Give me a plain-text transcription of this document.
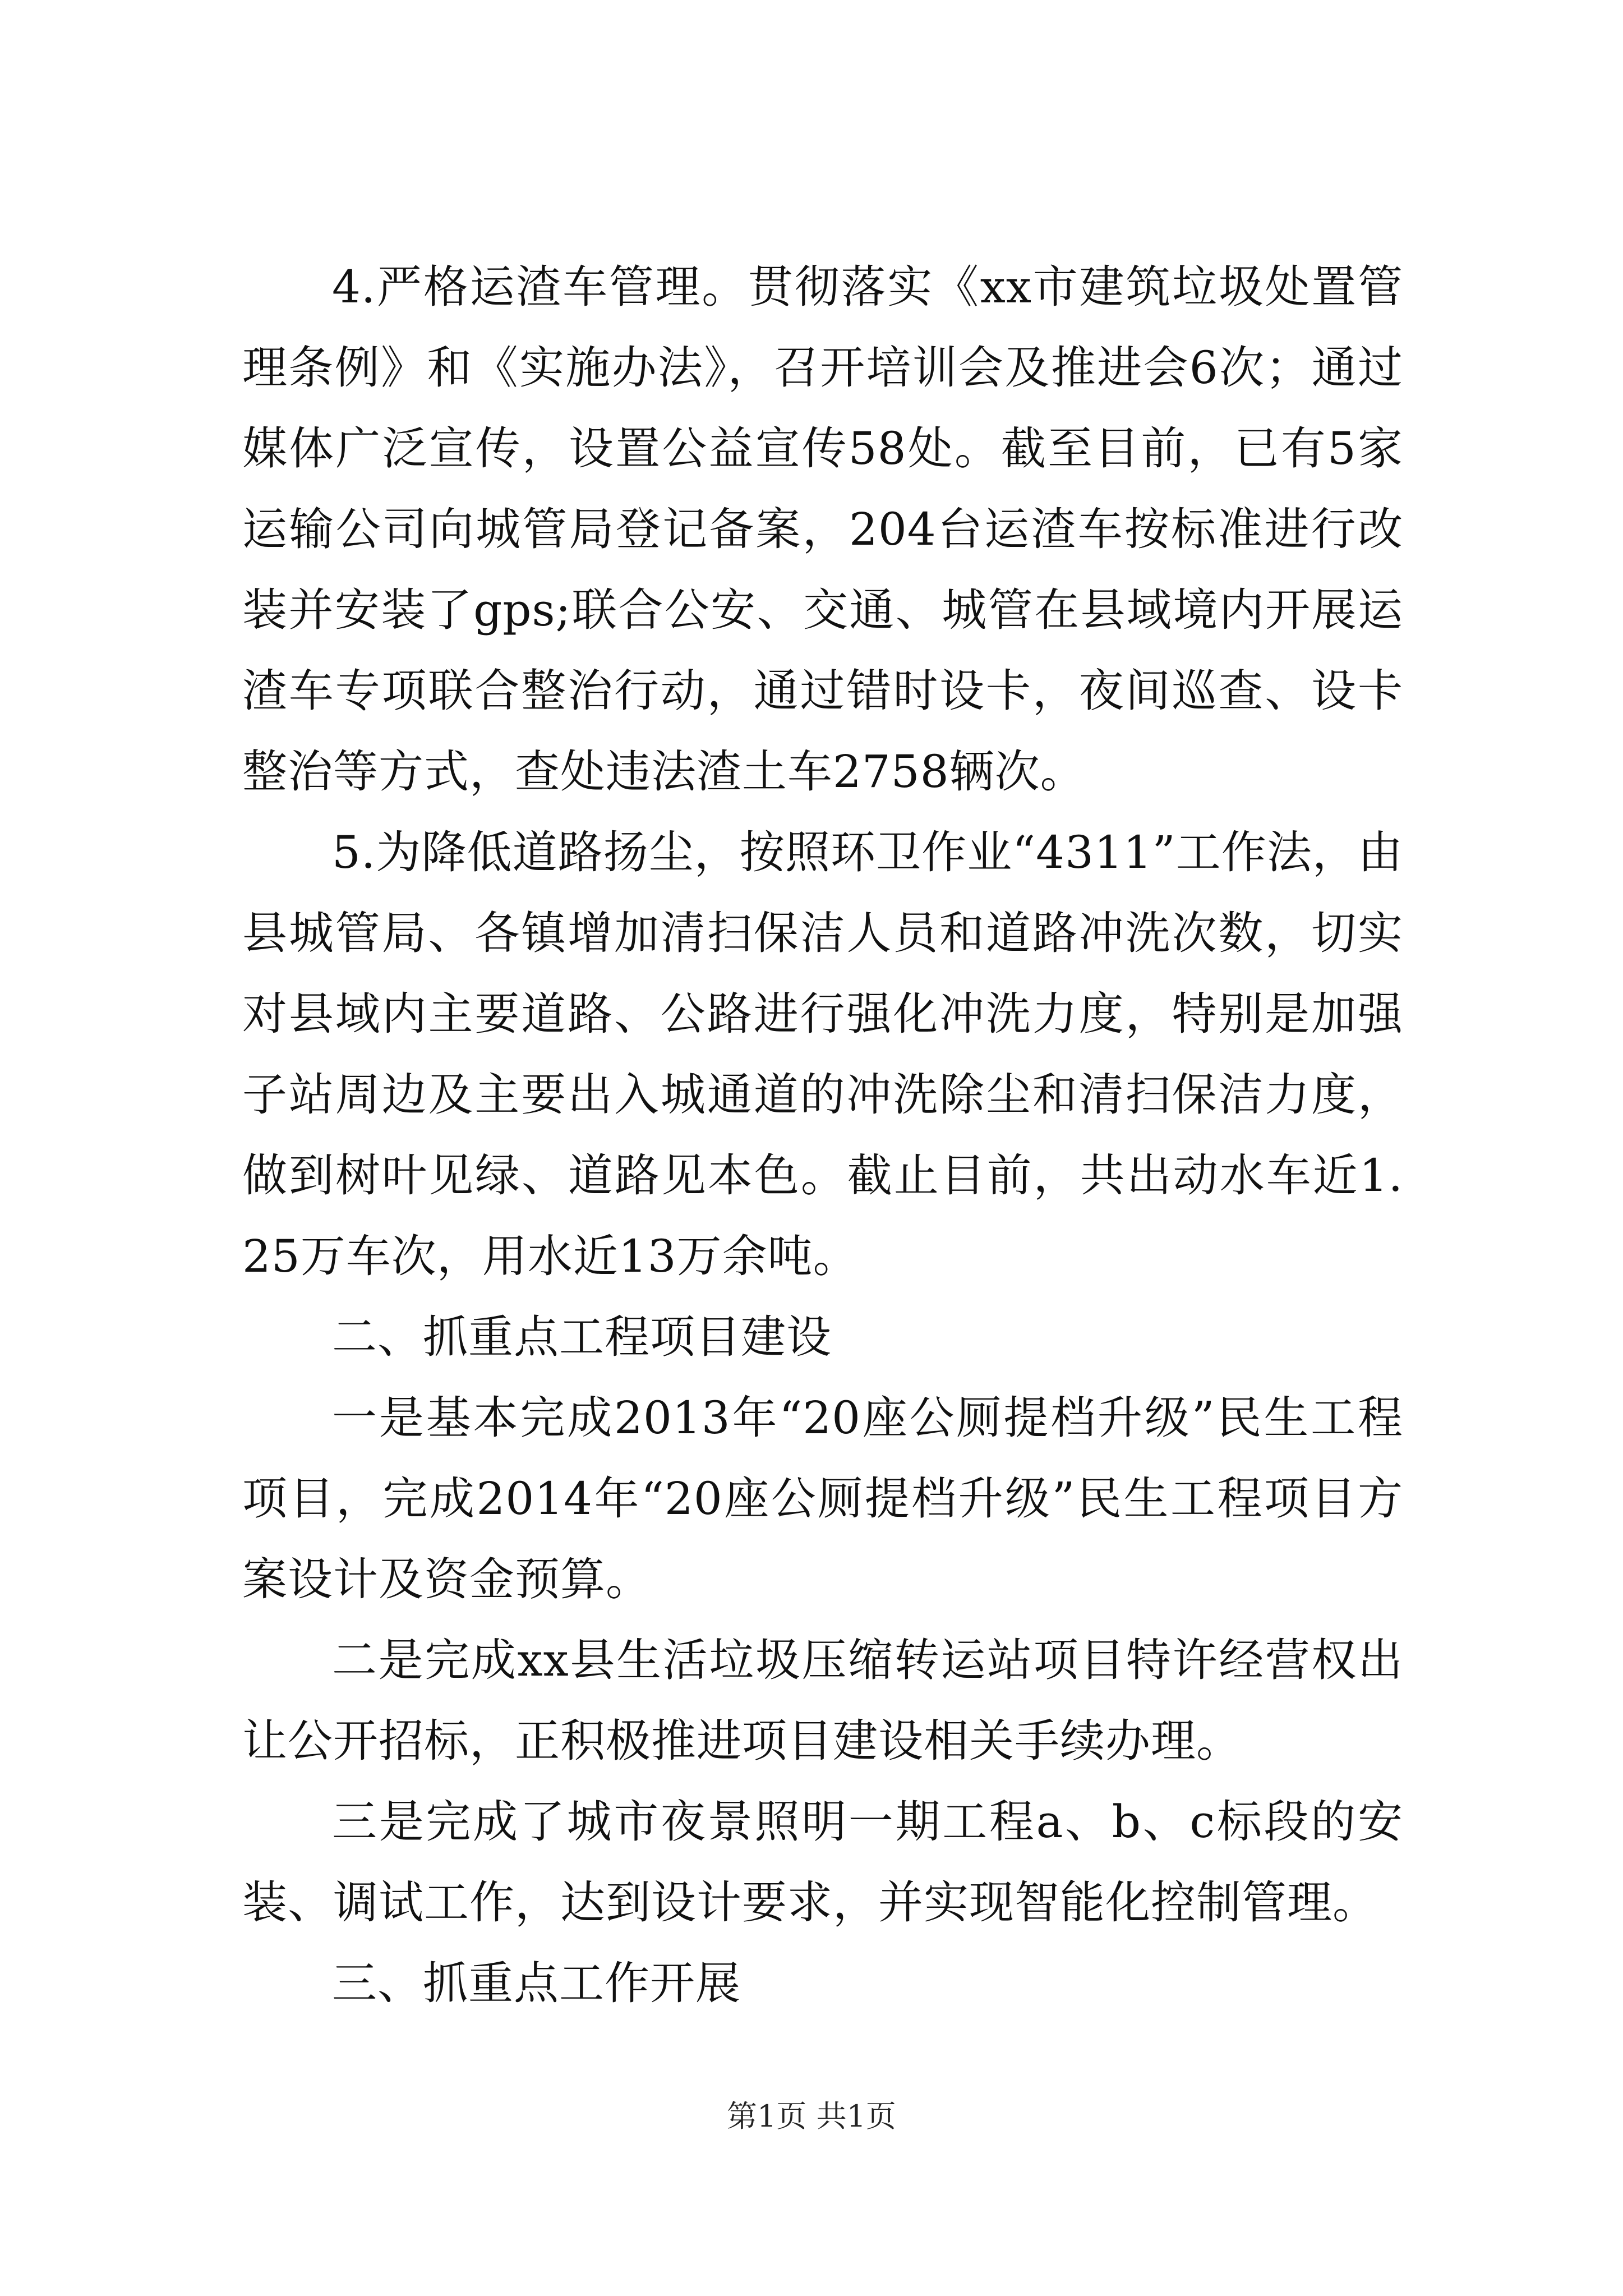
4.严格运渣车管理。贯彻落实《xx市建筑垃圾处置管理条例》和《实施办法》，召开培训会及推进会6次；通过媒体广泛宣传，设置公益宣传58处。截至目前，已有5家运输公司向城管局登记备案，204台运渣车按标准进行改装并安装了gps;联合公安、交通、城管在县域境内开展运渣车专项联合整治行动，通过错时设卡，夜间巡查、设卡整治等方式，查处违法渣土车2758辆次。

5.为降低道路扬尘，按照环卫作业“4311”工作法，由县城管局、各镇增加清扫保洁人员和道路冲洗次数，切实对县域内主要道路、公路进行强化冲洗力度，特别是加强子站周边及主要出入城通道的冲洗除尘和清扫保洁力度，做到树叶见绿、道路见本色。截止目前，共出动水车近1.25万车次，用水近13万余吨。

二、抓重点工程项目建设

一是基本完成2013年“20座公厕提档升级”民生工程项目，完成2014年“20座公厕提档升级”民生工程项目方案设计及资金预算。

二是完成xx县生活垃圾压缩转运站项目特许经营权出让公开招标，正积极推进项目建设相关手续办理。

三是完成了城市夜景照明一期工程a、b、c标段的安装、调试工作，达到设计要求，并实现智能化控制管理。

三、抓重点工作开展

第1页 共1页
